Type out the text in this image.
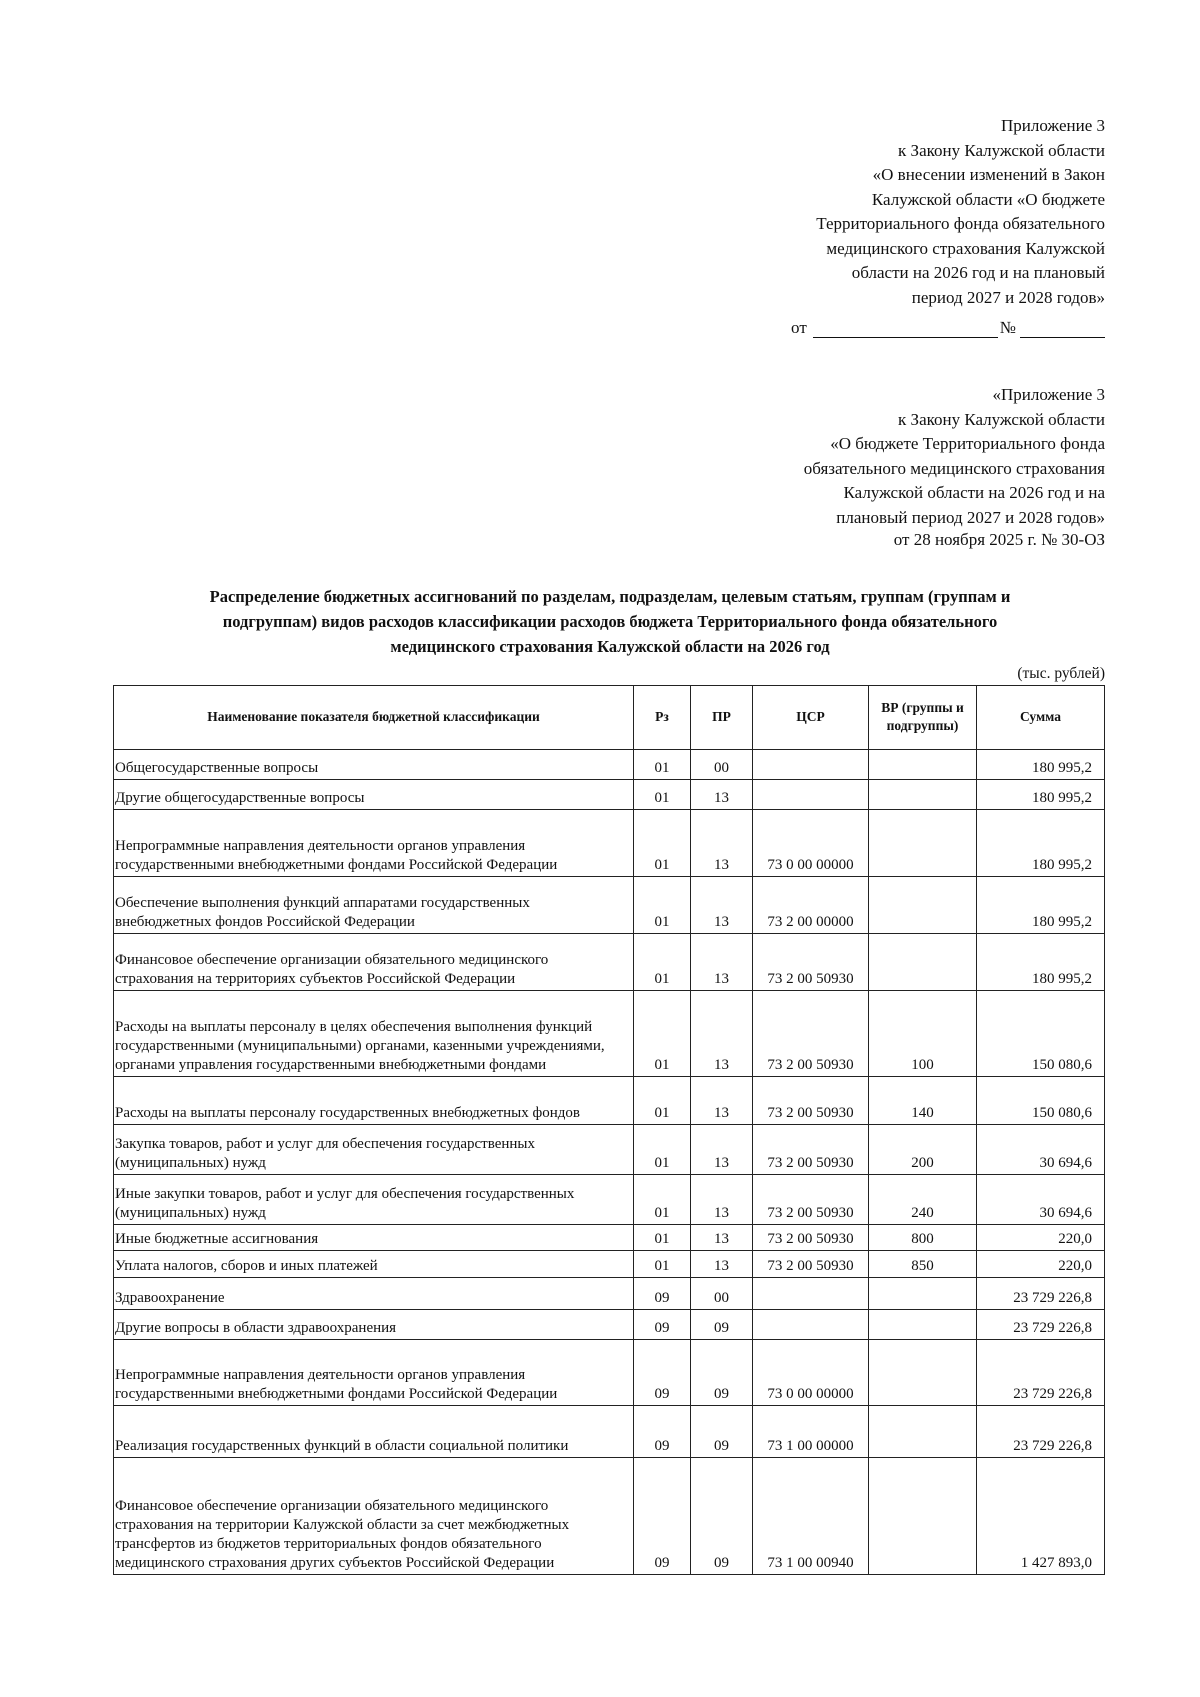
Приложение 3
к Закону Калужской области
«О внесении изменений в Закон
Калужской области «О бюджете
Территориального фонда обязательного
медицинского страхования Калужской
области на 2026 год и на плановый
период 2027 и 2028 годов»
от	№
«Приложение 3
к Закону Калужской области
«О бюджете Территориального фонда
обязательного медицинского страхования
Калужской области на 2026 год и на
плановый период 2027 и 2028 годов»
от 28 ноября 2025 г. № 30-ОЗ
Распределение бюджетных ассигнований по разделам, подразделам, целевым статьям, группам (группам и
подгруппам) видов расходов классификации расходов бюджета Территориального фонда обязательного
медицинского страхования Калужской области на 2026 год
(тыс. рублей)
Наименование показателя бюджетной классификации	Рз	ПР	ЦСР	ВР (группы и подгруппы)	Сумма
Общегосударственные вопросы	01	00			180 995,2
Другие общегосударственные вопросы	01	13			180 995,2
Непрограммные направления деятельности органов управления государственными внебюджетными фондами Российской Федерации	01	13	73 0 00 00000		180 995,2
Обеспечение выполнения функций аппаратами государственных внебюджетных фондов Российской Федерации	01	13	73 2 00 00000		180 995,2
Финансовое обеспечение организации обязательного медицинского страхования на территориях субъектов Российской Федерации	01	13	73 2 00 50930		180 995,2
Расходы на выплаты персоналу в целях обеспечения выполнения функций государственными (муниципальными) органами, казенными учреждениями, органами управления государственными внебюджетными фондами	01	13	73 2 00 50930	100	150 080,6
Расходы на выплаты персоналу государственных внебюджетных фондов	01	13	73 2 00 50930	140	150 080,6
Закупка товаров, работ и услуг для обеспечения государственных (муниципальных) нужд	01	13	73 2 00 50930	200	30 694,6
Иные закупки товаров, работ и услуг для обеспечения государственных (муниципальных) нужд	01	13	73 2 00 50930	240	30 694,6
Иные бюджетные ассигнования	01	13	73 2 00 50930	800	220,0
Уплата налогов, сборов и иных платежей	01	13	73 2 00 50930	850	220,0
Здравоохранение	09	00			23 729 226,8
Другие вопросы в области здравоохранения	09	09			23 729 226,8
Непрограммные направления деятельности органов управления государственными внебюджетными фондами Российской Федерации	09	09	73 0 00 00000		23 729 226,8
Реализация государственных функций в области социальной политики	09	09	73 1 00 00000		23 729 226,8
Финансовое обеспечение организации обязательного медицинского страхования на территории Калужской области за счет межбюджетных трансфертов из бюджетов территориальных фондов обязательного медицинского страхования других субъектов Российской Федерации	09	09	73 1 00 00940		1 427 893,0
